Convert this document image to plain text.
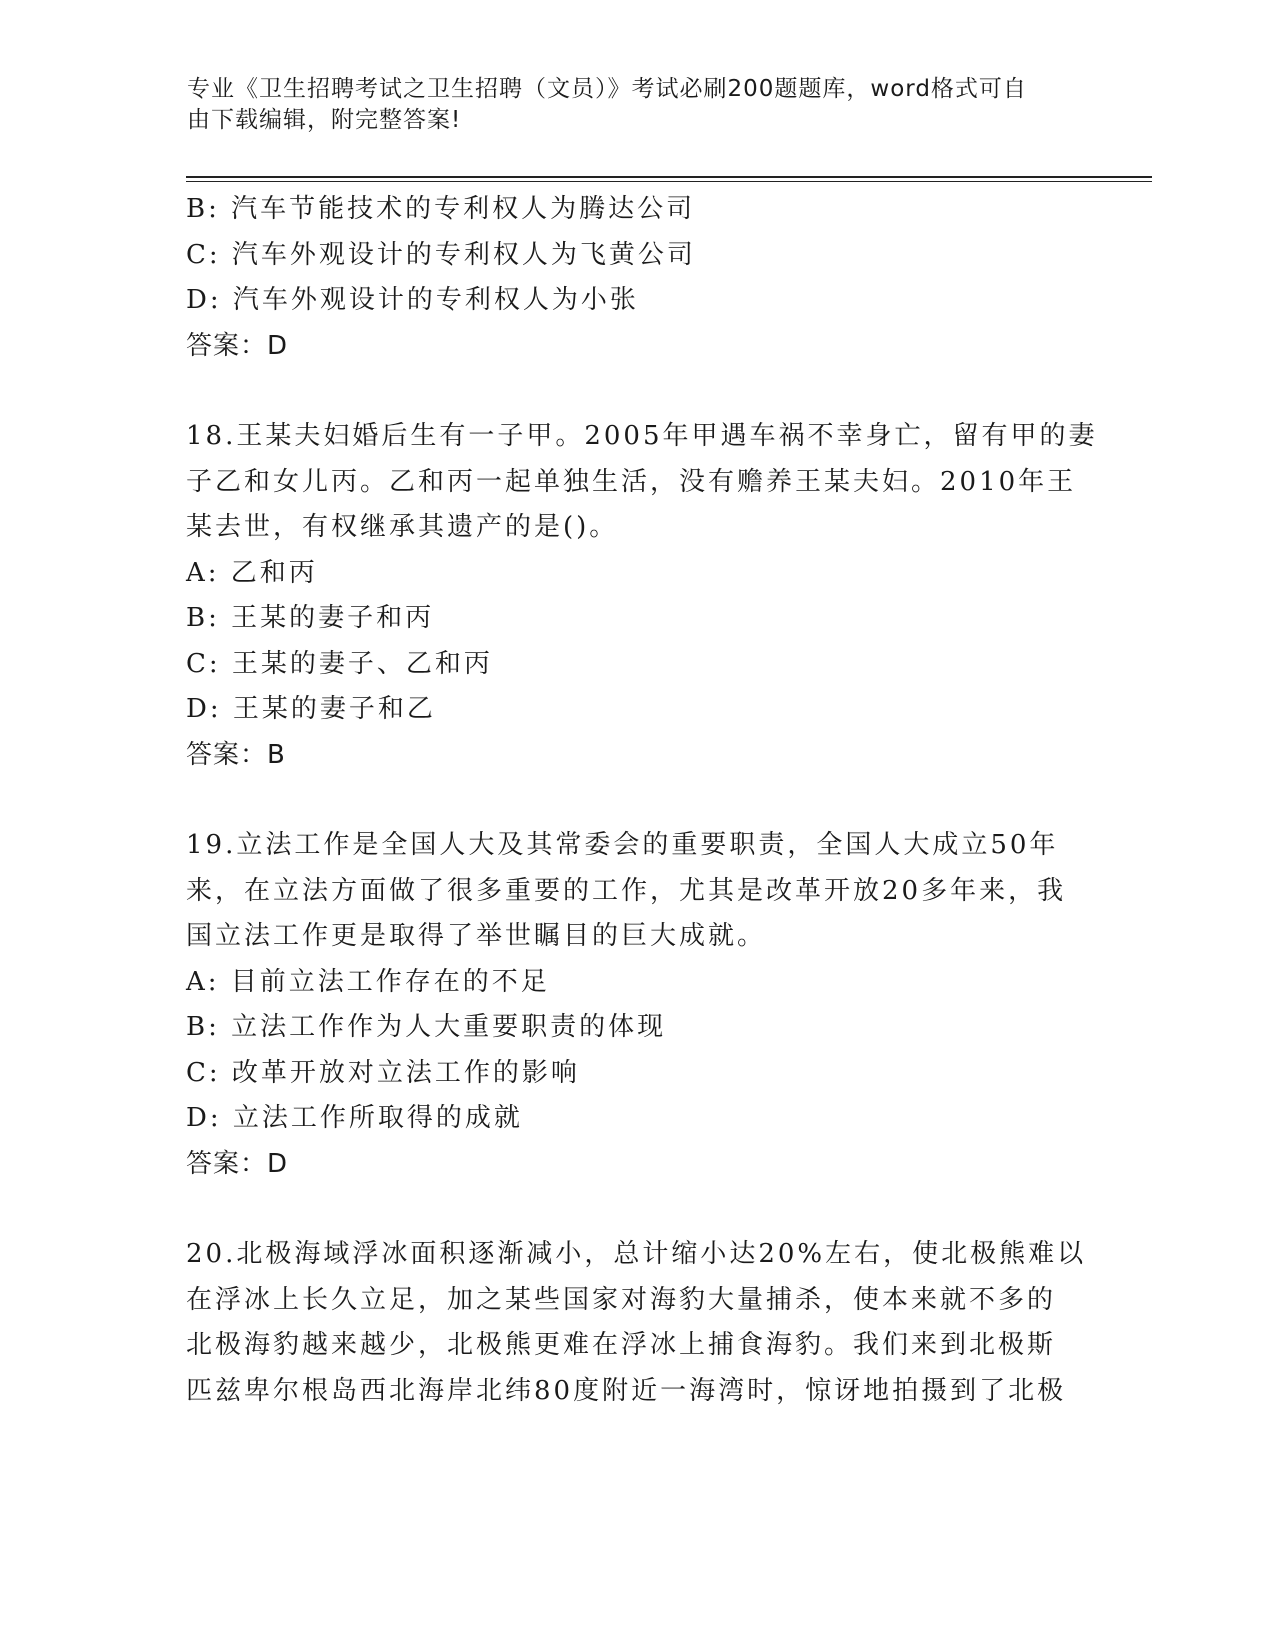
专业《卫生招聘考试之卫生招聘（文员）》考试必刷200题题库，word格式可自
由下载编辑，附完整答案!
B: 汽车节能技术的专利权人为腾达公司
C: 汽车外观设计的专利权人为飞黄公司
D: 汽车外观设计的专利权人为小张
答案：D
18.王某夫妇婚后生有一子甲。2005年甲遇车祸不幸身亡，留有甲的妻
子乙和女儿丙。乙和丙一起单独生活，没有赡养王某夫妇。2010年王
某去世，有权继承其遗产的是()。
A: 乙和丙
B: 王某的妻子和丙
C: 王某的妻子、乙和丙
D: 王某的妻子和乙
答案：B
19.立法工作是全国人大及其常委会的重要职责，全国人大成立50年
来，在立法方面做了很多重要的工作，尤其是改革开放20多年来，我
国立法工作更是取得了举世瞩目的巨大成就。
A: 目前立法工作存在的不足
B: 立法工作作为人大重要职责的体现
C: 改革开放对立法工作的影响
D: 立法工作所取得的成就
答案：D
20.北极海域浮冰面积逐渐减小，总计缩小达20%左右，使北极熊难以
在浮冰上长久立足，加之某些国家对海豹大量捕杀，使本来就不多的
北极海豹越来越少，北极熊更难在浮冰上捕食海豹。我们来到北极斯
匹兹卑尔根岛西北海岸北纬80度附近一海湾时，惊讶地拍摄到了北极
